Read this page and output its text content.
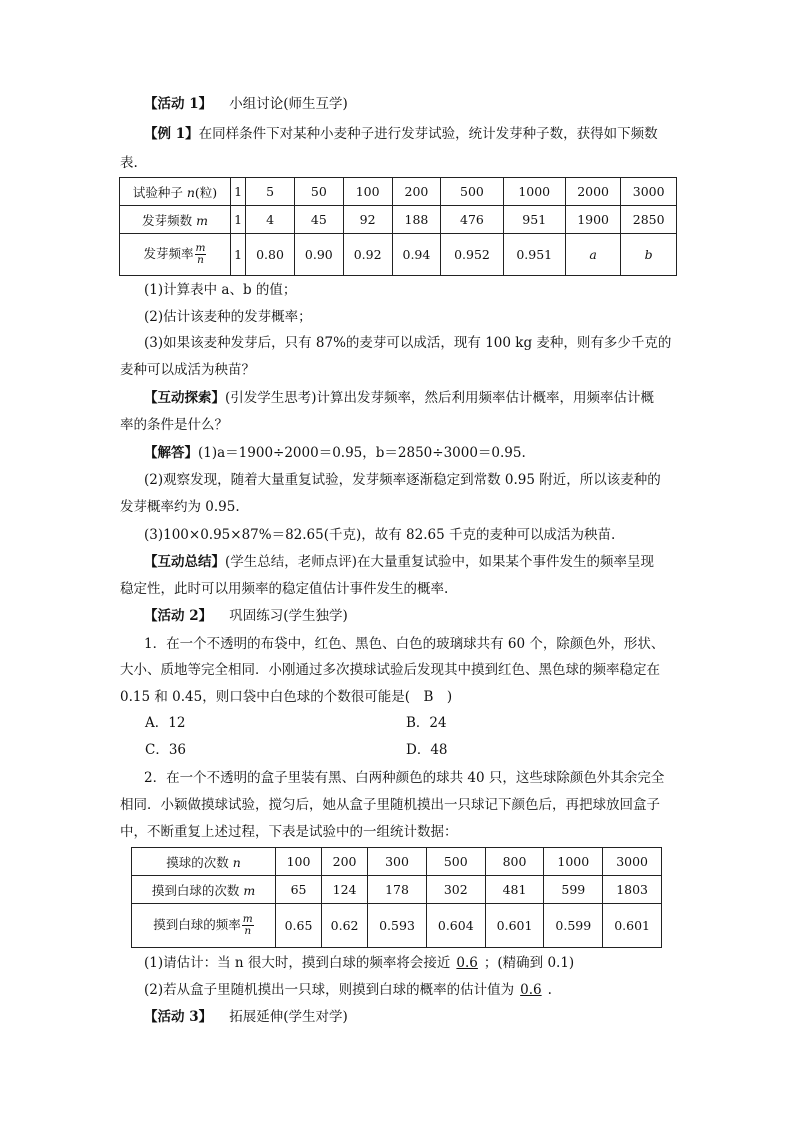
【活动 1】 小组讨论(师生互学)
【例 1】在同样条件下对某种小麦种子进行发芽试验，统计发芽种子数，获得如下频数
表.
试验种子 n(粒)	1	5	50	100	200	500	1000	2000	3000
发芽频数 m	1	4	45	92	188	476	951	1900	2850
发芽频率 $\frac{m}{n}$	1	0.80	0.90	0.92	0.94	0.952	0.951	a	b
(1)计算表中 a、b 的值；
(2)估计该麦种的发芽概率；
(3)如果该麦种发芽后，只有 87%的麦芽可以成活，现有 100 kg 麦种，则有多少千克的
麦种可以成活为秧苗？
【互动探索】(引发学生思考)计算出发芽频率，然后利用频率估计概率，用频率估计概
率的条件是什么？
【解答】(1)a＝1900÷2000＝0.95，b＝2850÷3000＝0.95.
(2)观察发现，随着大量重复试验，发芽频率逐渐稳定到常数 0.95 附近，所以该麦种的
发芽概率约为 0.95.
(3)100×0.95×87%＝82.65(千克)，故有 82.65 千克的麦种可以成活为秧苗.
【互动总结】(学生总结，老师点评)在大量重复试验中，如果某个事件发生的频率呈现
稳定性，此时可以用频率的稳定值估计事件发生的概率.
【活动 2】 巩固练习(学生独学)
1．在一个不透明的布袋中，红色、黑色、白色的玻璃球共有 60 个，除颜色外，形状、
大小、质地等完全相同．小刚通过多次摸球试验后发现其中摸到红色、黑色球的频率稳定在
0.15 和 0.45，则口袋中白色球的个数很可能是(　B　)
A．12	B．24
C．36	D．48
2．在一个不透明的盒子里装有黑、白两种颜色的球共 40 只，这些球除颜色外其余完全
相同．小颖做摸球试验，搅匀后，她从盒子里随机摸出一只球记下颜色后，再把球放回盒子
中，不断重复上述过程，下表是试验中的一组统计数据：
摸球的次数 n	100	200	300	500	800	1000	3000
摸到白球的次数 m	65	124	178	302	481	599	1803
摸到白球的频率 $\frac{m}{n}$	0.65	0.62	0.593	0.604	0.601	0.599	0.601
(1)请估计：当 n 很大时，摸到白球的频率将会接近 0.6 ；(精确到 0.1)
(2)若从盒子里随机摸出一只球，则摸到白球的概率的估计值为 0.6 .
【活动 3】 拓展延伸(学生对学)
